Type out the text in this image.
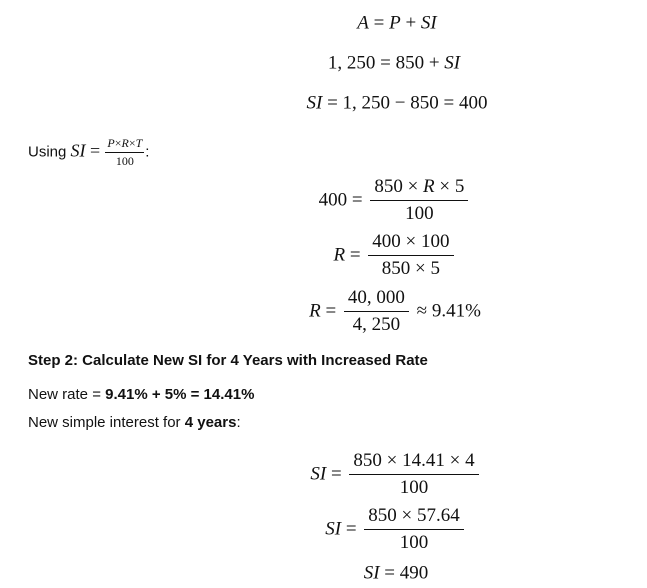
A = P + SI
1, 250 = 850 + SI
SI = 1, 250 − 850 = 400
Using SI = $\frac{P\times R\times T}{100}$ :
$400 = \frac{850 \times R \times 5}{100}$
$R = \frac{400 \times 100}{850 \times 5}$
$R = \frac{40, 000}{4, 250} \approx 9.41\%$
Step 2: Calculate New SI for 4 Years with Increased Rate
New rate = 9.41% + 5% = 14.41%
New simple interest for 4 years:
SI = $\frac{850 \times 14.41 \times 4}{100}$
SI = $\frac{850 \times 57.64}{100}$
SI = 490
